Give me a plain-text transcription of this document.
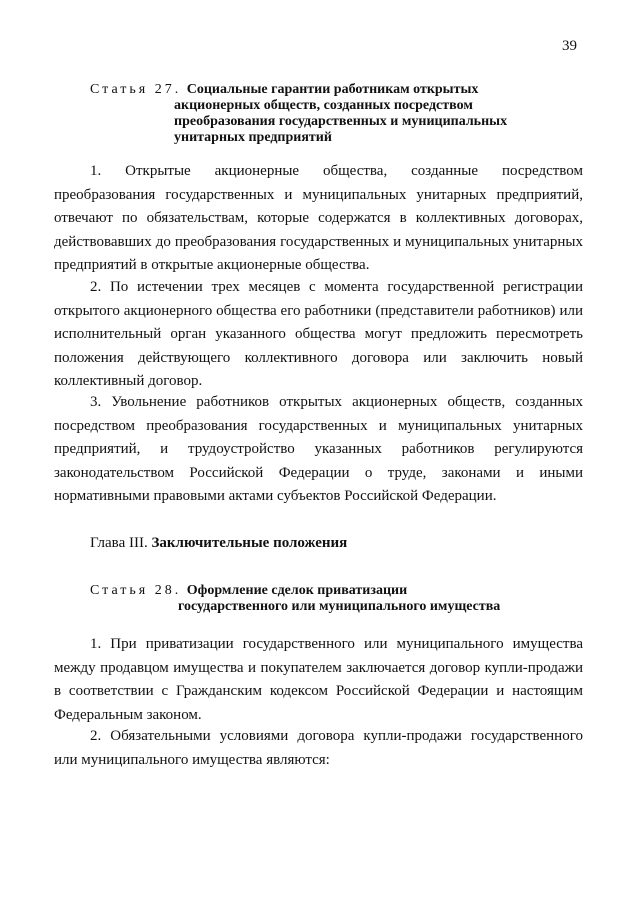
39
Статья 27. Социальные гарантии работникам открытых
акционерных обществ, созданных посредством
преобразования государственных и муниципальных
унитарных предприятий

1. Открытые акционерные общества, созданные посредством преобразования государственных и муниципальных унитарных предприятий, отвечают по обязательствам, которые содержатся в коллективных договорах, действовавших до преобразования государственных и муниципальных унитарных предприятий в открытые акционерные общества.

2. По истечении трех месяцев с момента государственной регистрации открытого акционерного общества его работники (представители работников) или исполнительный орган указанного общества могут предложить пересмотреть положения действующего коллективного договора или заключить новый коллективный договор.

3. Увольнение работников открытых акционерных обществ, созданных посредством преобразования государственных и муниципальных унитарных предприятий, и трудоустройство указанных работников регулируются законодательством Российской Федерации о труде, законами и иными нормативными правовыми актами субъектов Российской Федерации.

Глава III. Заключительные положения
Статья 28. Оформление сделок приватизации
государственного или муниципального имущества

1. При приватизации государственного или муниципального имущества между продавцом имущества и покупателем заключается договор купли-продажи в соответствии с Гражданским кодексом Российской Федерации и настоящим Федеральным законом.

2. Обязательными условиями договора купли-продажи государственного или муниципального имущества являются:
